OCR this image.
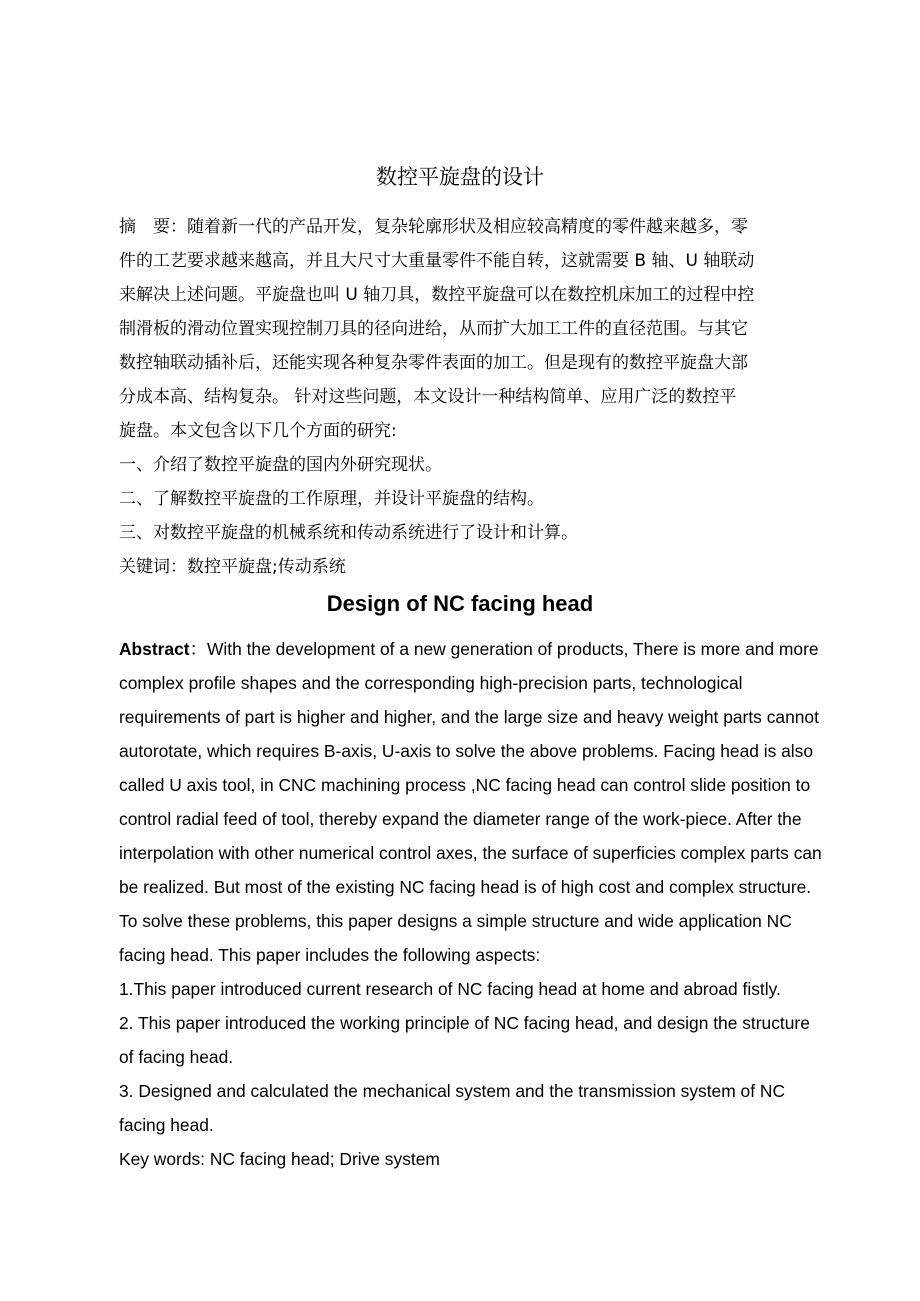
数控平旋盘的设计
摘　要：随着新一代的产品开发，复杂轮廓形状及相应较高精度的零件越来越多，零
件的工艺要求越来越高，并且大尺寸大重量零件不能自转，这就需要 B 轴、U 轴联动
来解决上述问题。平旋盘也叫 U 轴刀具，数控平旋盘可以在数控机床加工的过程中控
制滑板的滑动位置实现控制刀具的径向进给，从而扩大加工工件的直径范围。与其它
数控轴联动插补后，还能实现各种复杂零件表面的加工。但是现有的数控平旋盘大部
分成本高、结构复杂。 针对这些问题，本文设计一种结构简单、应用广泛的数控平
旋盘。本文包含以下几个方面的研究:
一、介绍了数控平旋盘的国内外研究现状。
二、了解数控平旋盘的工作原理，并设计平旋盘的结构。
三、对数控平旋盘的机械系统和传动系统进行了设计和计算。
关键词：数控平旋盘;传动系统
Design of NC facing head
Abstract：With the development of a new generation of products, There is more and more
complex profile shapes and the corresponding high-precision parts, technological
requirements of part is higher and higher, and the large size and heavy weight parts cannot
autorotate, which requires B-axis, U-axis to solve the above problems. Facing head is also
called U axis tool, in CNC machining process ,NC facing head can control slide position to
control radial feed of tool, thereby expand the diameter range of the work-piece. After the
interpolation with other numerical control axes, the surface of superficies complex parts can
be realized. But most of the existing NC facing head is of high cost and complex structure.
To solve these problems, this paper designs a simple structure and wide application NC
facing head. This paper includes the following aspects:
1.This paper introduced current research of NC facing head at home and abroad fistly.
2. This paper introduced the working principle of NC facing head, and design the structure
of facing head.
3. Designed and calculated the mechanical system and the transmission system of NC
facing head.
Key words: NC facing head; Drive system
